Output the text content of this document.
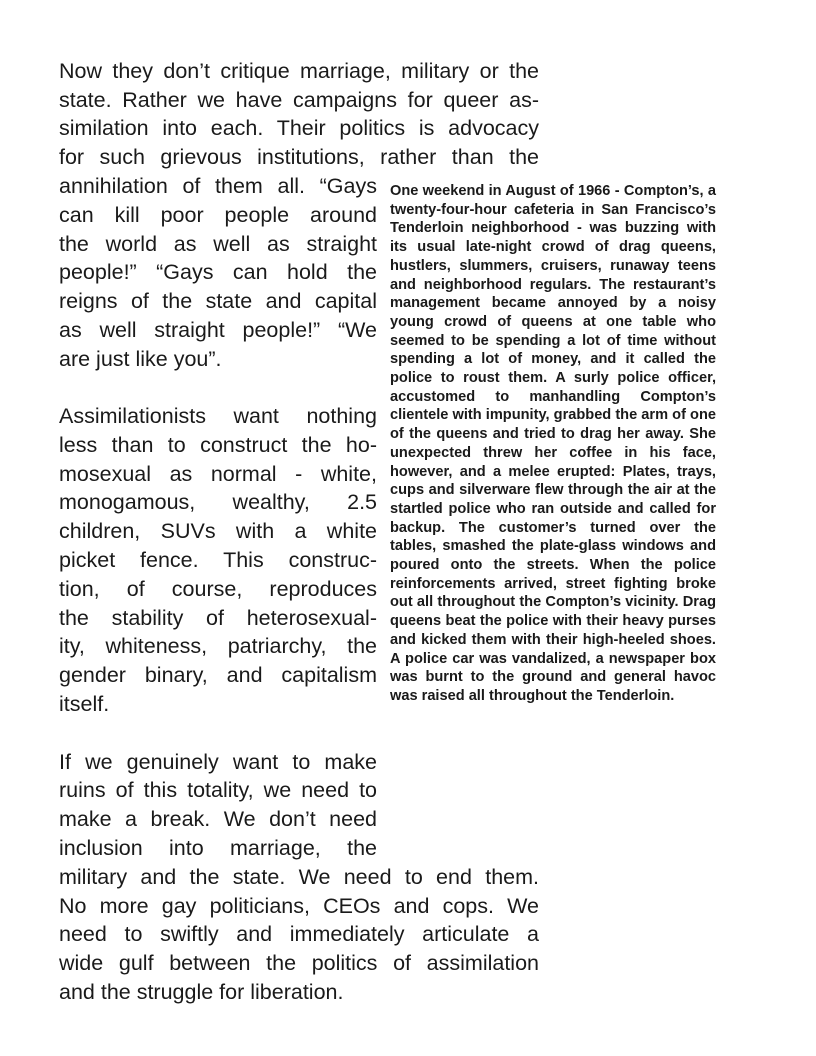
Now they don’t critique marriage, military or the
state. Rather we have campaigns for queer as-
similation into each. Their politics is advocacy
for such grievous institutions, rather than the
annihilation of them all. “Gays
can kill poor people around
the world as well as straight
people!” “Gays can hold the
reigns of the state and capital
as well straight people!” “We
are just like you”.
Assimilationists want nothing
less than to construct the ho-
mosexual as normal - white,
monogamous, wealthy, 2.5
children, SUVs with a white
picket fence. This construc-
tion, of course, reproduces
the stability of heterosexual-
ity, whiteness, patriarchy, the
gender binary, and capitalism
itself.
If we genuinely want to make
ruins of this totality, we need to
make a break. We don’t need
inclusion into marriage, the
military and the state. We need to end them.
No more gay politicians, CEOs and cops. We
need to swiftly and immediately articulate a
wide gulf between the politics of assimilation
and the struggle for liberation.
One weekend in August of 1966 - Compton’s, a twenty-four-hour cafeteria in San Francisco’s Tenderloin neighborhood - was buzzing with its usual late-night crowd of drag queens, hustlers, slummers, cruisers, runaway teens and neighborhood regulars. The restaurant’s management became annoyed by a noisy young crowd of queens at one table who seemed to be spending a lot of time without spending a lot of money, and it called the police to roust them. A surly police officer, accustomed to manhandling Compton’s clientele with impunity, grabbed the arm of one of the queens and tried to drag her away. She unexpected threw her coffee in his face, however, and a melee erupted: Plates, trays, cups and silverware flew through the air at the startled police who ran outside and called for backup. The customer’s turned over the tables, smashed the plate-glass windows and poured onto the streets. When the police reinforcements arrived, street fighting broke out all throughout the Compton’s vicinity. Drag queens beat the police with their heavy purses and kicked them with their high-heeled shoes. A police car was vandalized, a newspaper box was burnt to the ground and general havoc was raised all throughout the Tenderloin.
